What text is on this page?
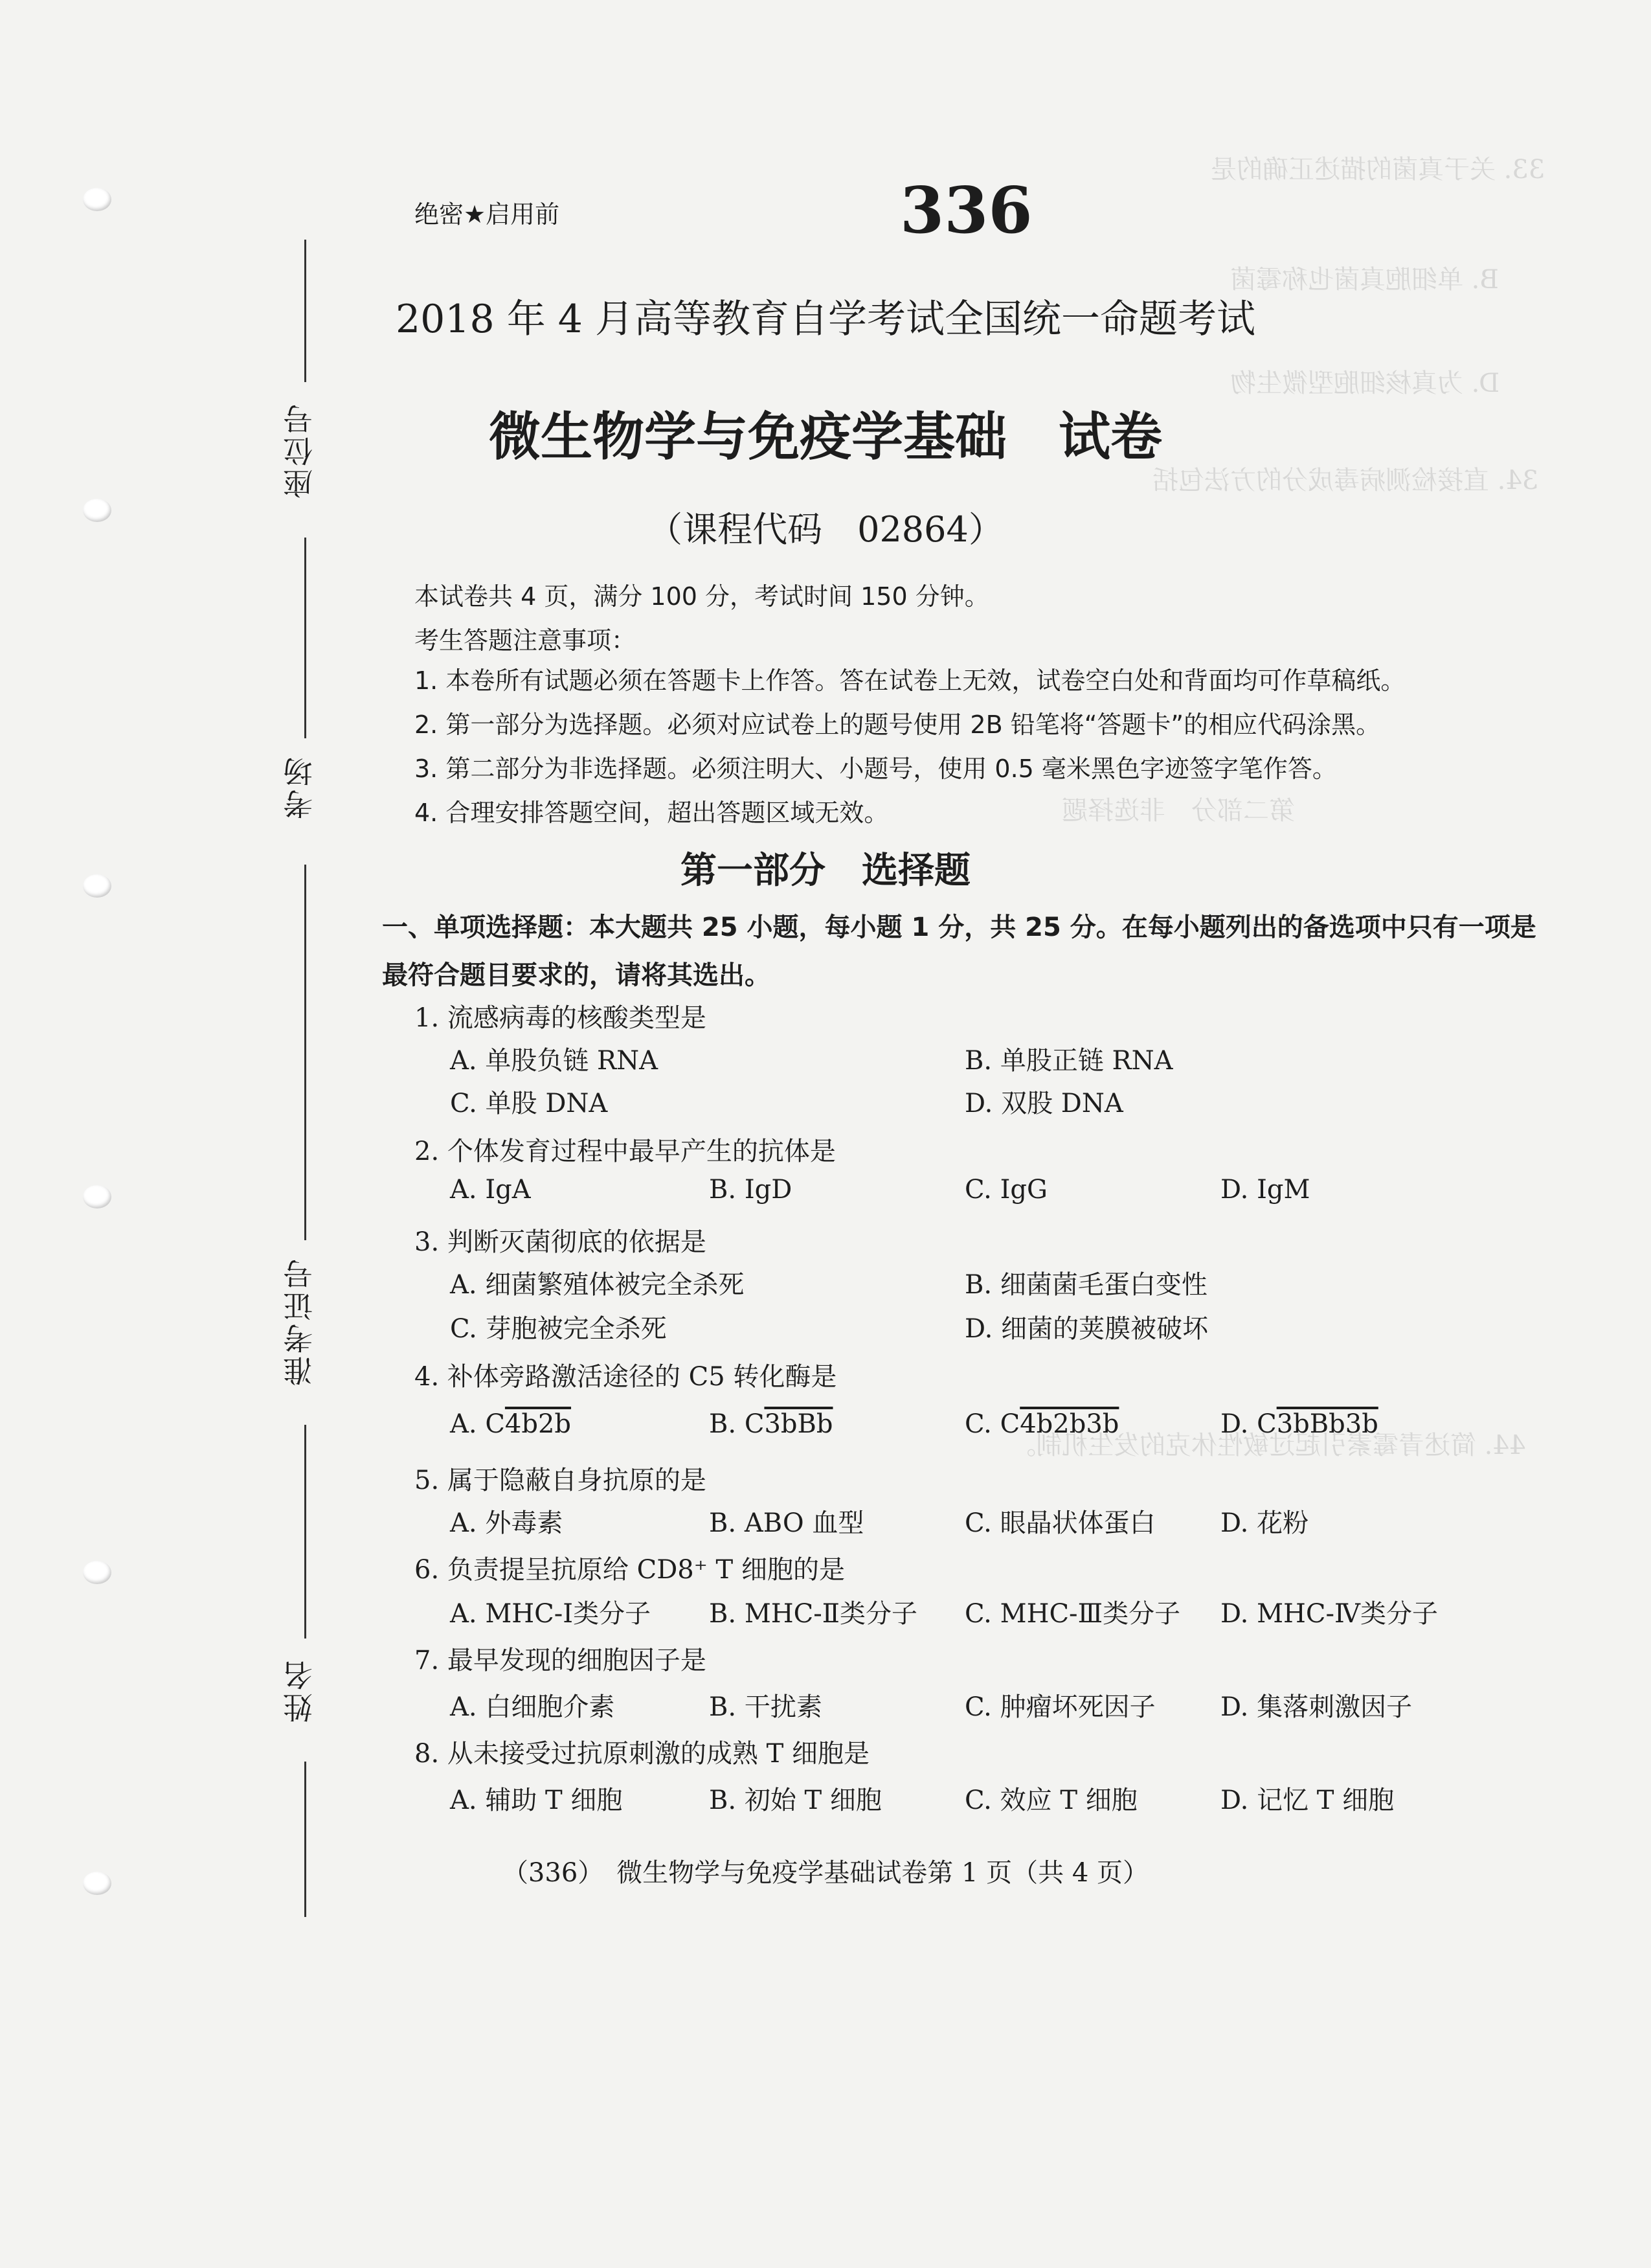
33. 关于真菌的描述正确的是
B. 单细胞真菌也称霉菌
D. 为真核细胞型微生物
34. 直接检测病毒成分的方法包括
第二部分　非选择题
44. 简述青霉素引起过敏性休克的发生机制。
座位号
考场
准考证号
姓名
绝密★启用前	336
2018 年 4 月高等教育自学考试全国统一命题考试
微生物学与免疫学基础　试卷
（课程代码　02864）
本试卷共 4 页，满分 100 分，考试时间 150 分钟。
考生答题注意事项：
1. 本卷所有试题必须在答题卡上作答。答在试卷上无效，试卷空白处和背面均可作草稿纸。
2. 第一部分为选择题。必须对应试卷上的题号使用 2B 铅笔将“答题卡”的相应代码涂黑。
3. 第二部分为非选择题。必须注明大、小题号，使用 0.5 毫米黑色字迹签字笔作答。
4. 合理安排答题空间，超出答题区域无效。
第一部分　选择题
一、单项选择题：本大题共 25 小题，每小题 1 分，共 25 分。在每小题列出的备选项中只有一项是最符合题目要求的，请将其选出。
1. 流感病毒的核酸类型是
A. 单股负链 RNA	B. 单股正链 RNA
C. 单股 DNA	D. 双股 DNA
2. 个体发育过程中最早产生的抗体是
A. IgA	B. IgD	C. IgG	D. IgM
3. 判断灭菌彻底的依据是
A. 细菌繁殖体被完全杀死	B. 细菌菌毛蛋白变性
C. 芽胞被完全杀死	D. 细菌的荚膜被破坏
4. 补体旁路激活途径的 C5 转化酶是
A. C4b2b	B. C3bBb	C. C4b2b3b	D. C3bBb3b
5. 属于隐蔽自身抗原的是
A. 外毒素	B. ABO 血型	C. 眼晶状体蛋白	D. 花粉
6. 负责提呈抗原给 CD8⁺ T 细胞的是
A. MHC-Ⅰ类分子 B. MHC-Ⅱ类分子 C. MHC-Ⅲ类分子 D. MHC-Ⅳ类分子
7. 最早发现的细胞因子是
A. 白细胞介素	B. 干扰素	C. 肿瘤坏死因子	D. 集落刺激因子
8. 从未接受过抗原刺激的成熟 T 细胞是
A. 辅助 T 细胞	B. 初始 T 细胞	C. 效应 T 细胞	D. 记忆 T 细胞
（336）　微生物学与免疫学基础试卷第 1 页（共 4 页）
